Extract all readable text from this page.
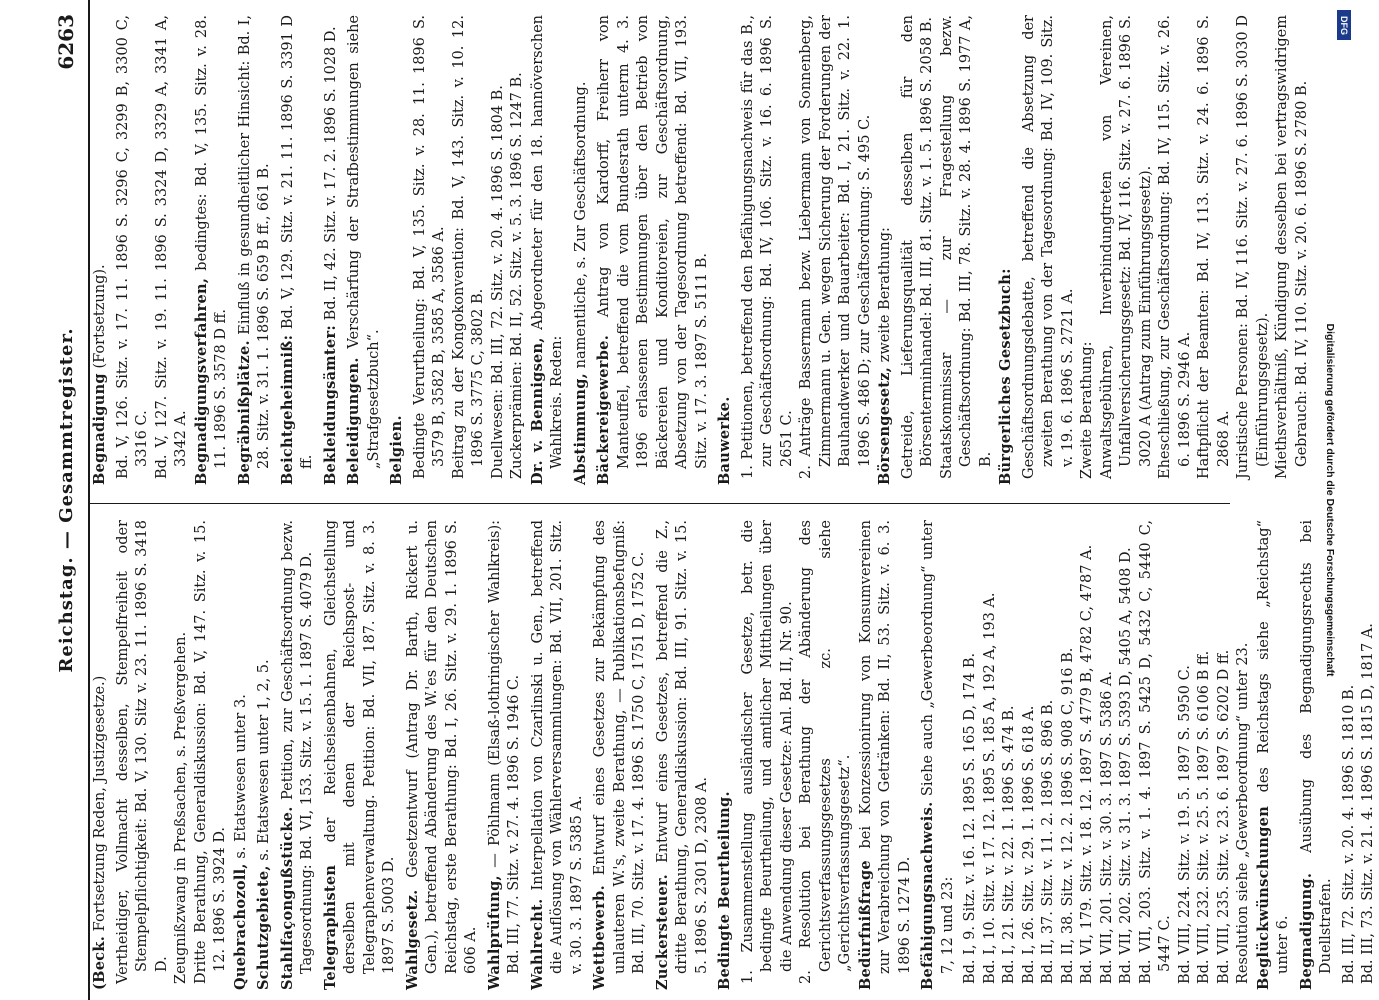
Reichstag. — Gesammtregister.
6263

(Beck. Fortsetzung Reden, Justizgesetze.) Vertheidiger, Vollmacht desselben, Stempelfreiheit oder Stempelpflichtigkeit: Bd. V, 130. Sitz v. 23. 11. 1896 S. 3418 D. Zeugnißzwang in Preßsachen, s. Preßvergehen. Dritte Berathung, Generaldiskussion: Bd. V, 147. Sitz. v. 15. 12. 1896 S. 3924 D. Quebrachozoll, s. Etatswesen unter 3.

Schutzgebiete, s. Etatswesen unter 1, 2, 5.

Stahlfaçongußstücke. Petition, zur Geschäftsordnung bezw. Tagesordnung: Bd. VI, 153. Sitz. v. 15. 1. 1897 S. 4079 D. Telegraphisten der Reichseisenbahnen, Gleichstellung derselben mit denen der Reichspost- und Telegraphenverwaltung. Petition: Bd. VII, 187. Sitz. v. 8. 3. 1897 S. 5003 D. Wahlgesetz. Gesetzentwurf (Antrag Dr. Barth, Rickert u. Gen.), betreffend Abänderung des W.'es für den Deutschen Reichstag, erste Berathung: Bd. I, 26. Sitz. v. 29. 1. 1896 S. 606 A. Wahlprüfung, — Pöhlmann (Elsaß-lothringischer Wahlkreis): Bd. III, 77. Sitz. v. 27. 4. 1896 S. 1946 C. Wahlrecht. Interpellation von Czarlinski u. Gen., betreffend die Auflösung von Wählerversammlungen: Bd. VII, 201. Sitz. v. 30. 3. 1897 S. 5385 A. Wettbewerb. Entwurf eines Gesetzes zur Bekämpfung des unlauteren W.'s, zweite Berathung, — Publikationsbefugniß: Bd. III, 70. Sitz. v. 17. 4. 1896 S. 1750 C, 1751 D, 1752 C. Zuckersteuer. Entwurf eines Gesetzes, betreffend die Z., dritte Berathung, Generaldiskussion: Bd. III, 91. Sitz. v. 15. 5. 1896 S. 2301 D, 2308 A. Bedingte Beurtheilung. 1. Zusammenstellung ausländischer Gesetze, betr. die bedingte Beurtheilung, und amtlicher Mittheilungen über die Anwendung dieser Gesetze: Anl. Bd. II, Nr. 90. 2. Resolution bei Berathung der Abänderung des Gerichtsverfassungsgesetzes zc. siehe „Gerichtsverfassungsgesetz“. Bedürfnißfrage bei Konzessionirung von Konsumvereinen zur Verabreichung von Getränken: Bd. II, 53. Sitz. v. 6. 3. 1896 S. 1274 D. Befähigungsnachweis. Siehe auch „Gewerbeordnung“ unter 7, 12 und 23: Bd. I, 9. Sitz. v. 16. 12. 1895 S. 165 D, 174 B. Bd. I, 10. Sitz. v. 17. 12. 1895 S. 185 A, 192 A, 193 A. Bd. I, 21. Sitz. v. 22. 1. 1896 S. 474 B. Bd. I, 26. Sitz. v. 29. 1. 1896 S. 618 A. Bd. II, 37. Sitz. v. 11. 2. 1896 S. 896 B. Bd. II, 38. Sitz. v. 12. 2. 1896 S. 908 C, 916 B. Bd. VI, 179. Sitz. v. 18. 12. 1897 S. 4779 B, 4782 C, 4787 A. Bd. VII, 201. Sitz. v. 30. 3. 1897 S. 5386 A. Bd. VII, 202. Sitz. v. 31. 3. 1897 S. 5393 D, 5405 A, 5408 D. Bd. VII, 203. Sitz. v. 1. 4. 1897 S. 5425 D, 5432 C, 5440 C, 5447 C. Bd. VIII, 224. Sitz. v. 19. 5. 1897 S. 5950 C. Bd. VIII, 232. Sitz. v. 25. 5. 1897 S. 6106 B ff. Bd. VIII, 235. Sitz. v. 23. 6. 1897 S. 6202 D ff. Resolution siehe „Gewerbeordnung“ unter 23. Beglückwünschungen des Reichstags siehe „Reichstag“ unter 6. Begnadigung. Ausübung des Begnadigungsrechts bei Duellstrafen. Bd. III, 72. Sitz. v. 20. 4. 1896 S. 1810 B. Bd. III, 73. Sitz. v. 21. 4. 1896 S. 1815 D, 1817 A.

Begnadigung (Fortsetzung). Bd. V, 126. Sitz. v. 17. 11. 1896 S. 3296 C, 3299 B, 3300 C, 3316 C. Bd. V, 127. Sitz. v. 19. 11. 1896 S. 3324 D, 3329 A, 3341 A, 3342 A. Begnadigungsverfahren, bedingtes: Bd. V, 135. Sitz. v. 28. 11. 1896 S. 3578 D ff. Begräbnißplätze. Einfluß in gesundheitlicher Hinsicht: Bd. I, 28. Sitz. v. 31. 1. 1896 S. 659 B ff., 661 B. Beichtgeheimniß: Bd. V, 129. Sitz. v. 21. 11. 1896 S. 3391 D ff. Bekleidungsämter: Bd. II, 42. Sitz. v. 17. 2. 1896 S. 1028 D.

Beleidigungen. Verschärfung der Strafbestimmungen siehe „Strafgesetzbuch“. Belgien. Bedingte Verurtheilung: Bd. V, 135. Sitz. v. 28. 11. 1896 S. 3579 B, 3582 B, 3585 A, 3586 A. Beitrag zu der Kongokonvention: Bd. V, 143. Sitz. v. 10. 12. 1896 S. 3775 C, 3802 B. Duellwesen: Bd. III, 72. Sitz. v. 20. 4. 1896 S. 1804 B. Zuckerprämien: Bd. II, 52. Sitz. v. 5. 3. 1896 S. 1247 B. Dr. v. Bennigsen, Abgeordneter für den 18. hannöverschen Wahlkreis. Reden: Abstimmung, namentliche, s. Zur Geschäftsordnung.

Bäckereigewerbe. Antrag von Kardorff, Freiherr von Manteuffel, betreffend die vom Bundesrath unterm 4. 3. 1896 erlassenen Bestimmungen über den Betrieb von Bäckereien und Konditoreien, zur Geschäftsordnung, Absetzung von der Tagesordnung betreffend: Bd. VII, 193. Sitz. v. 17. 3. 1897 S. 5111 B. Bauwerke. 1. Petitionen, betreffend den Befähigungsnachweis für das B., zur Geschäftsordnung: Bd. IV, 106. Sitz. v. 16. 6. 1896 S. 2651 C. 2. Anträge Bassermann bezw. Liebermann von Sonnenberg, Zimmermann u. Gen. wegen Sicherung der Forderungen der Bauhandwerker und Bauarbeiter: Bd. I, 21. Sitz. v. 22. 1. 1896 S. 486 D; zur Geschäftsordnung: S. 495 C. Börsengesetz, zweite Berathung: Getreide, Lieferungsqualität desselben für den Börsenterminhandel: Bd. III, 81. Sitz. v. 1. 5. 1896 S. 2058 B. Staatskommissar — zur Fragestellung bezw. Geschäftsordnung: Bd. III, 78. Sitz. v. 28. 4. 1896 S. 1977 A, B. Bürgerliches Gesetzbuch: Geschäftsordnungsdebatte, betreffend die Absetzung der zweiten Berathung von der Tagesordnung: Bd. IV, 109. Sitz. v. 19. 6. 1896 S. 2721 A. Zweite Berathung: Anwaltsgebühren, Inverbindungtreten von Vereinen, Unfallversicherungsgesetz: Bd. IV, 116. Sitz. v. 27. 6. 1896 S. 3020 A (Antrag zum Einführungsgesetz). Eheschließung, zur Geschäftsordnung: Bd. IV, 115. Sitz. v. 26. 6. 1896 S. 2946 A. Haftpflicht der Beamten: Bd. IV, 113. Sitz. v. 24. 6. 1896 S. 2868 A. Juristische Personen: Bd. IV, 116. Sitz. v. 27. 6. 1896 S. 3030 D (Einführungsgesetz). Miethsverhältniß, Kündigung desselben bei vertragswidrigem Gebrauch: Bd. IV, 110. Sitz. v. 20. 6. 1896 S. 2780 B.

Digitalisierung gefördert durch die Deutsche Forschungsgemeinschaft
DFG
